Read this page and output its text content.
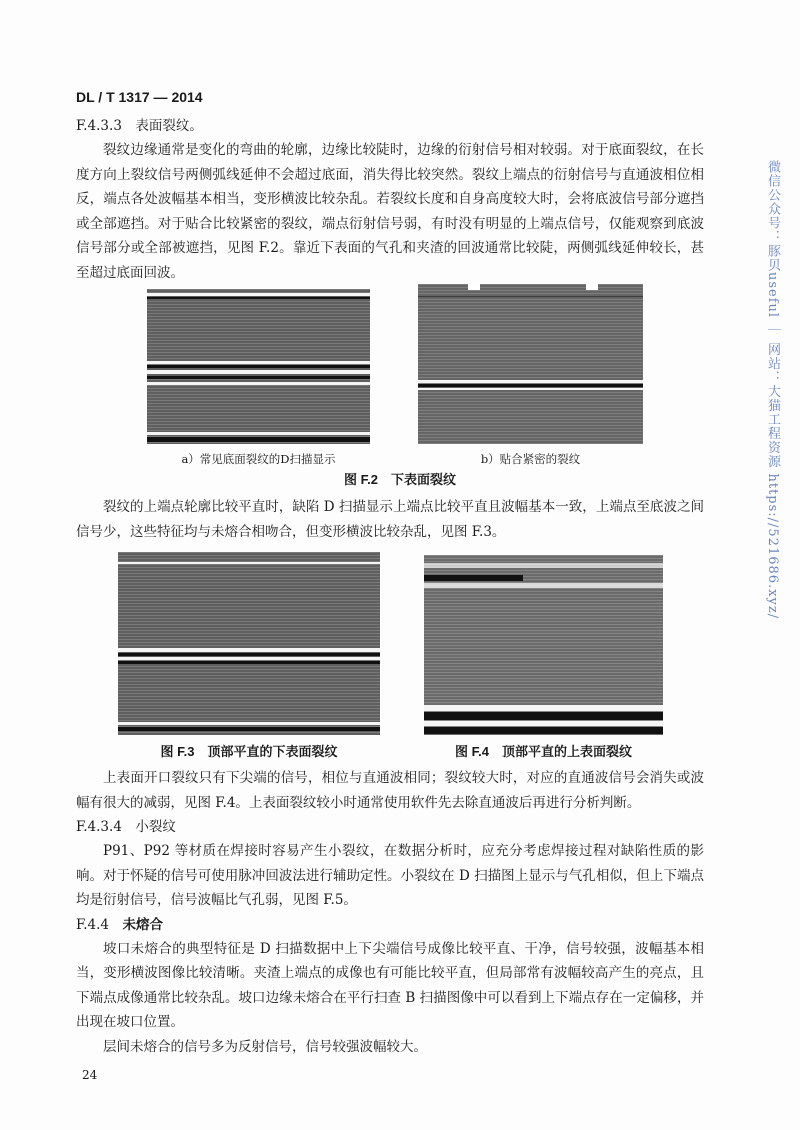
DL / T 1317 — 2014
F.4.3.3　表面裂纹。
裂纹边缘通常是变化的弯曲的轮廓，边缘比较陡时，边缘的衍射信号相对较弱。对于底面裂纹，在长度方向上裂纹信号两侧弧线延伸不会超过底面，消失得比较突然。裂纹上端点的衍射信号与直通波相位相反，端点各处波幅基本相当，变形横波比较杂乱。若裂纹长度和自身高度较大时，会将底波信号部分遮挡或全部遮挡。对于贴合比较紧密的裂纹，端点衍射信号弱，有时没有明显的上端点信号，仅能观察到底波信号部分或全部被遮挡，见图 F.2。靠近下表面的气孔和夹渣的回波通常比较陡，两侧弧线延伸较长，甚至超过底面回波。
a）常见底面裂纹的D扫描显示	b）贴合紧密的裂纹
图 F.2　下表面裂纹
裂纹的上端点轮廓比较平直时，缺陷 D 扫描显示上端点比较平直且波幅基本一致，上端点至底波之间信号少，这些特征均与未熔合相吻合，但变形横波比较杂乱，见图 F.3。
图 F.3　顶部平直的下表面裂纹	图 F.4　顶部平直的上表面裂纹
上表面开口裂纹只有下尖端的信号，相位与直通波相同；裂纹较大时，对应的直通波信号会消失或波幅有很大的减弱，见图 F.4。上表面裂纹较小时通常使用软件先去除直通波后再进行分析判断。
F.4.3.4　小裂纹
P91、P92 等材质在焊接时容易产生小裂纹，在数据分析时，应充分考虑焊接过程对缺陷性质的影响。对于怀疑的信号可使用脉冲回波法进行辅助定性。小裂纹在 D 扫描图上显示与气孔相似，但上下端点均是衍射信号，信号波幅比气孔弱，见图 F.5。
F.4.4　 未熔合
坡口未熔合的典型特征是 D 扫描数据中上下尖端信号成像比较平直、干净，信号较强，波幅基本相当，变形横波图像比较清晰。夹渣上端点的成像也有可能比较平直，但局部常有波幅较高产生的亮点，且下端点成像通常比较杂乱。坡口边缘未熔合在平行扫查 B 扫描图像中可以看到上下端点存在一定偏移，并出现在坡口位置。
层间未熔合的信号多为反射信号，信号较强波幅较大。
24
微信公众号：豚贝useful ｜ 网站：大猫工程资源 https://521686.xyz/
